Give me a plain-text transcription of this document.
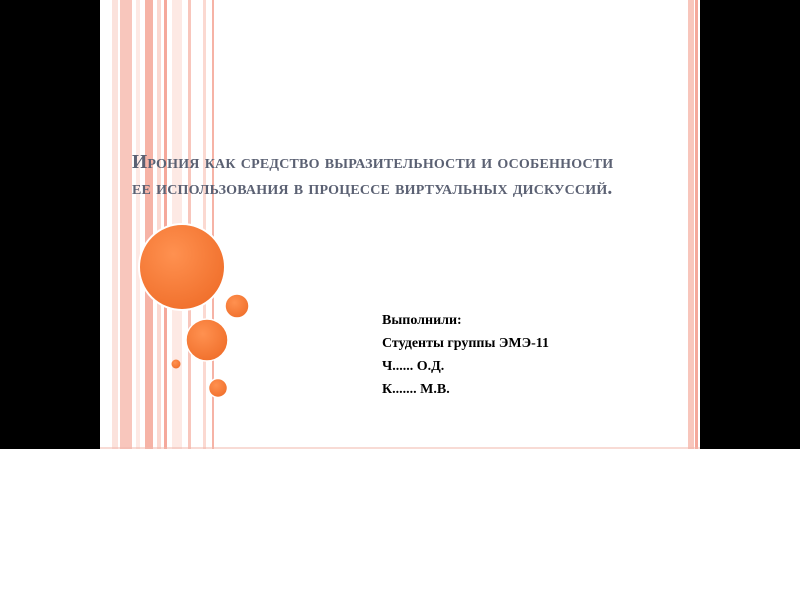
Ирония как средство выразительности и особенности ее использования в процессе виртуальных дискуссий.
Выполнили:
Студенты группы ЭМЭ-11
Ч...... О.Д.
К....... М.В.
